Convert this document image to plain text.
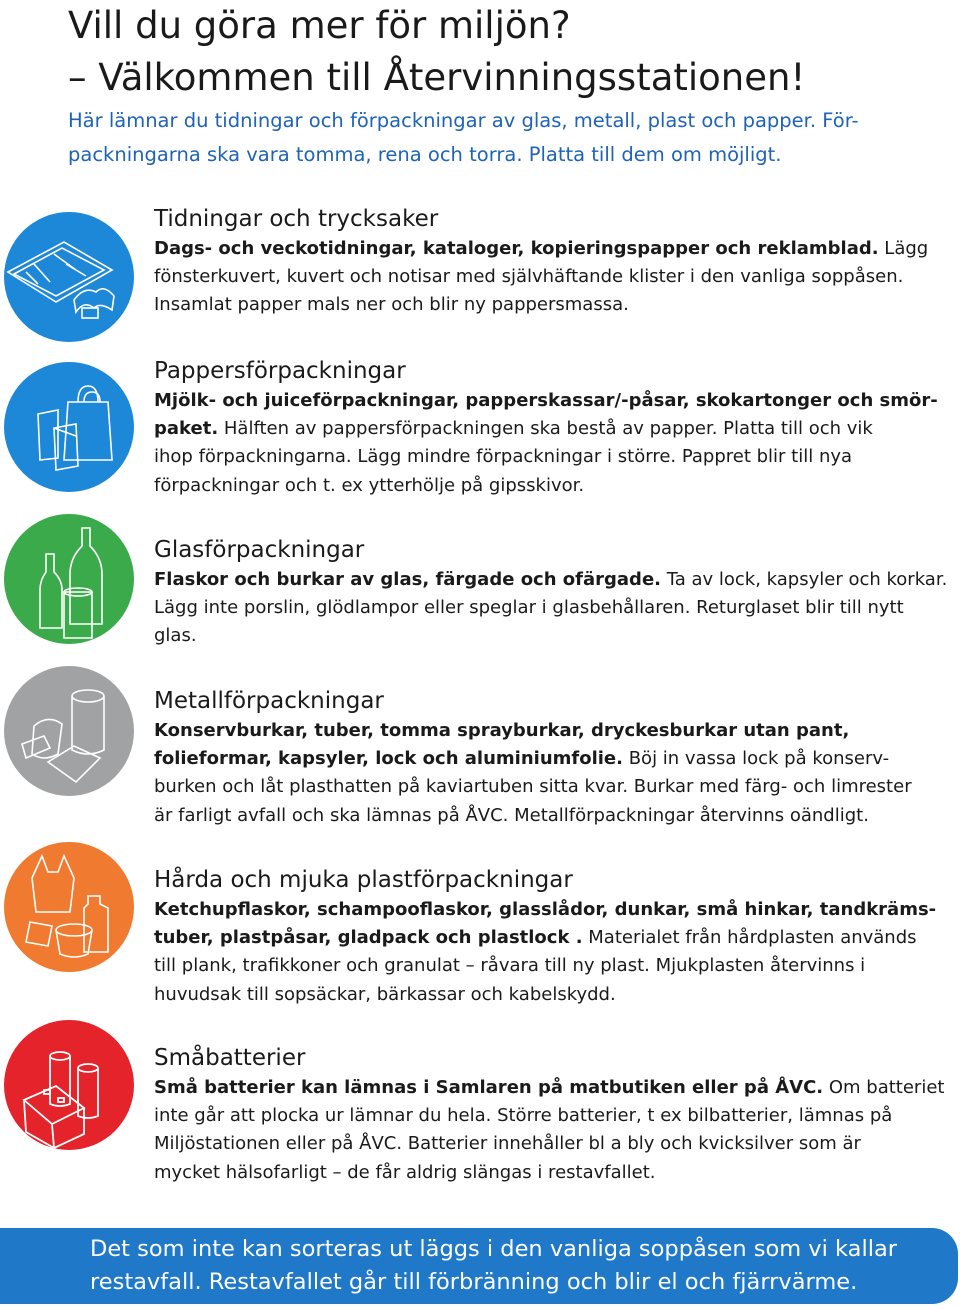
Vill du göra mer för miljön?
– Välkommen till Återvinningsstationen!
Här lämnar du tidningar och förpackningar av glas, metall, plast och papper. För-
packningarna ska vara tomma, rena och torra. Platta till dem om möjligt.
Tidningar och trycksaker
Dags- och veckotidningar, kataloger, kopieringspapper och reklamblad. Lägg
fönsterkuvert, kuvert och notisar med självhäftande klister i den vanliga soppåsen.
Insamlat papper mals ner och blir ny pappersmassa.
Pappersförpackningar
Mjölk- och juiceförpackningar, papperskassar/-påsar, skokartonger och smör-
paket. Hälften av pappersförpackningen ska bestå av papper. Platta till och vik
ihop förpackningarna. Lägg mindre förpackningar i större. Pappret blir till nya
förpackningar och t. ex ytterhölje på gipsskivor.
Glasförpackningar
Flaskor och burkar av glas, färgade och ofärgade. Ta av lock, kapsyler och korkar.
Lägg inte porslin, glödlampor eller speglar i glasbehållaren. Returglaset blir till nytt
glas.
Metallförpackningar
Konservburkar, tuber, tomma sprayburkar, dryckesburkar utan pant,
folieformar, kapsyler, lock och aluminiumfolie. Böj in vassa lock på konserv-
burken och låt plasthatten på kaviartuben sitta kvar. Burkar med färg- och limrester
är farligt avfall och ska lämnas på ÅVC. Metallförpackningar återvinns oändligt.
Hårda och mjuka plastförpackningar
Ketchupflaskor, schampooflaskor, glasslådor, dunkar, små hinkar, tandkräms-
tuber, plastpåsar, gladpack och plastlock . Materialet från hårdplasten används
till plank, trafikkoner och granulat – råvara till ny plast. Mjukplasten återvinns i
huvudsak till sopsäckar, bärkassar och kabelskydd.
Småbatterier
Små batterier kan lämnas i Samlaren på matbutiken eller på ÅVC. Om batteriet
inte går att plocka ur lämnar du hela. Större batterier, t ex bilbatterier, lämnas på
Miljöstationen eller på ÅVC. Batterier innehåller bl a bly och kvicksilver som är
mycket hälsofarligt – de får aldrig slängas i restavfallet.
Det som inte kan sorteras ut läggs i den vanliga soppåsen som vi kallar
restavfall. Restavfallet går till förbränning och blir el och fjärrvärme.
